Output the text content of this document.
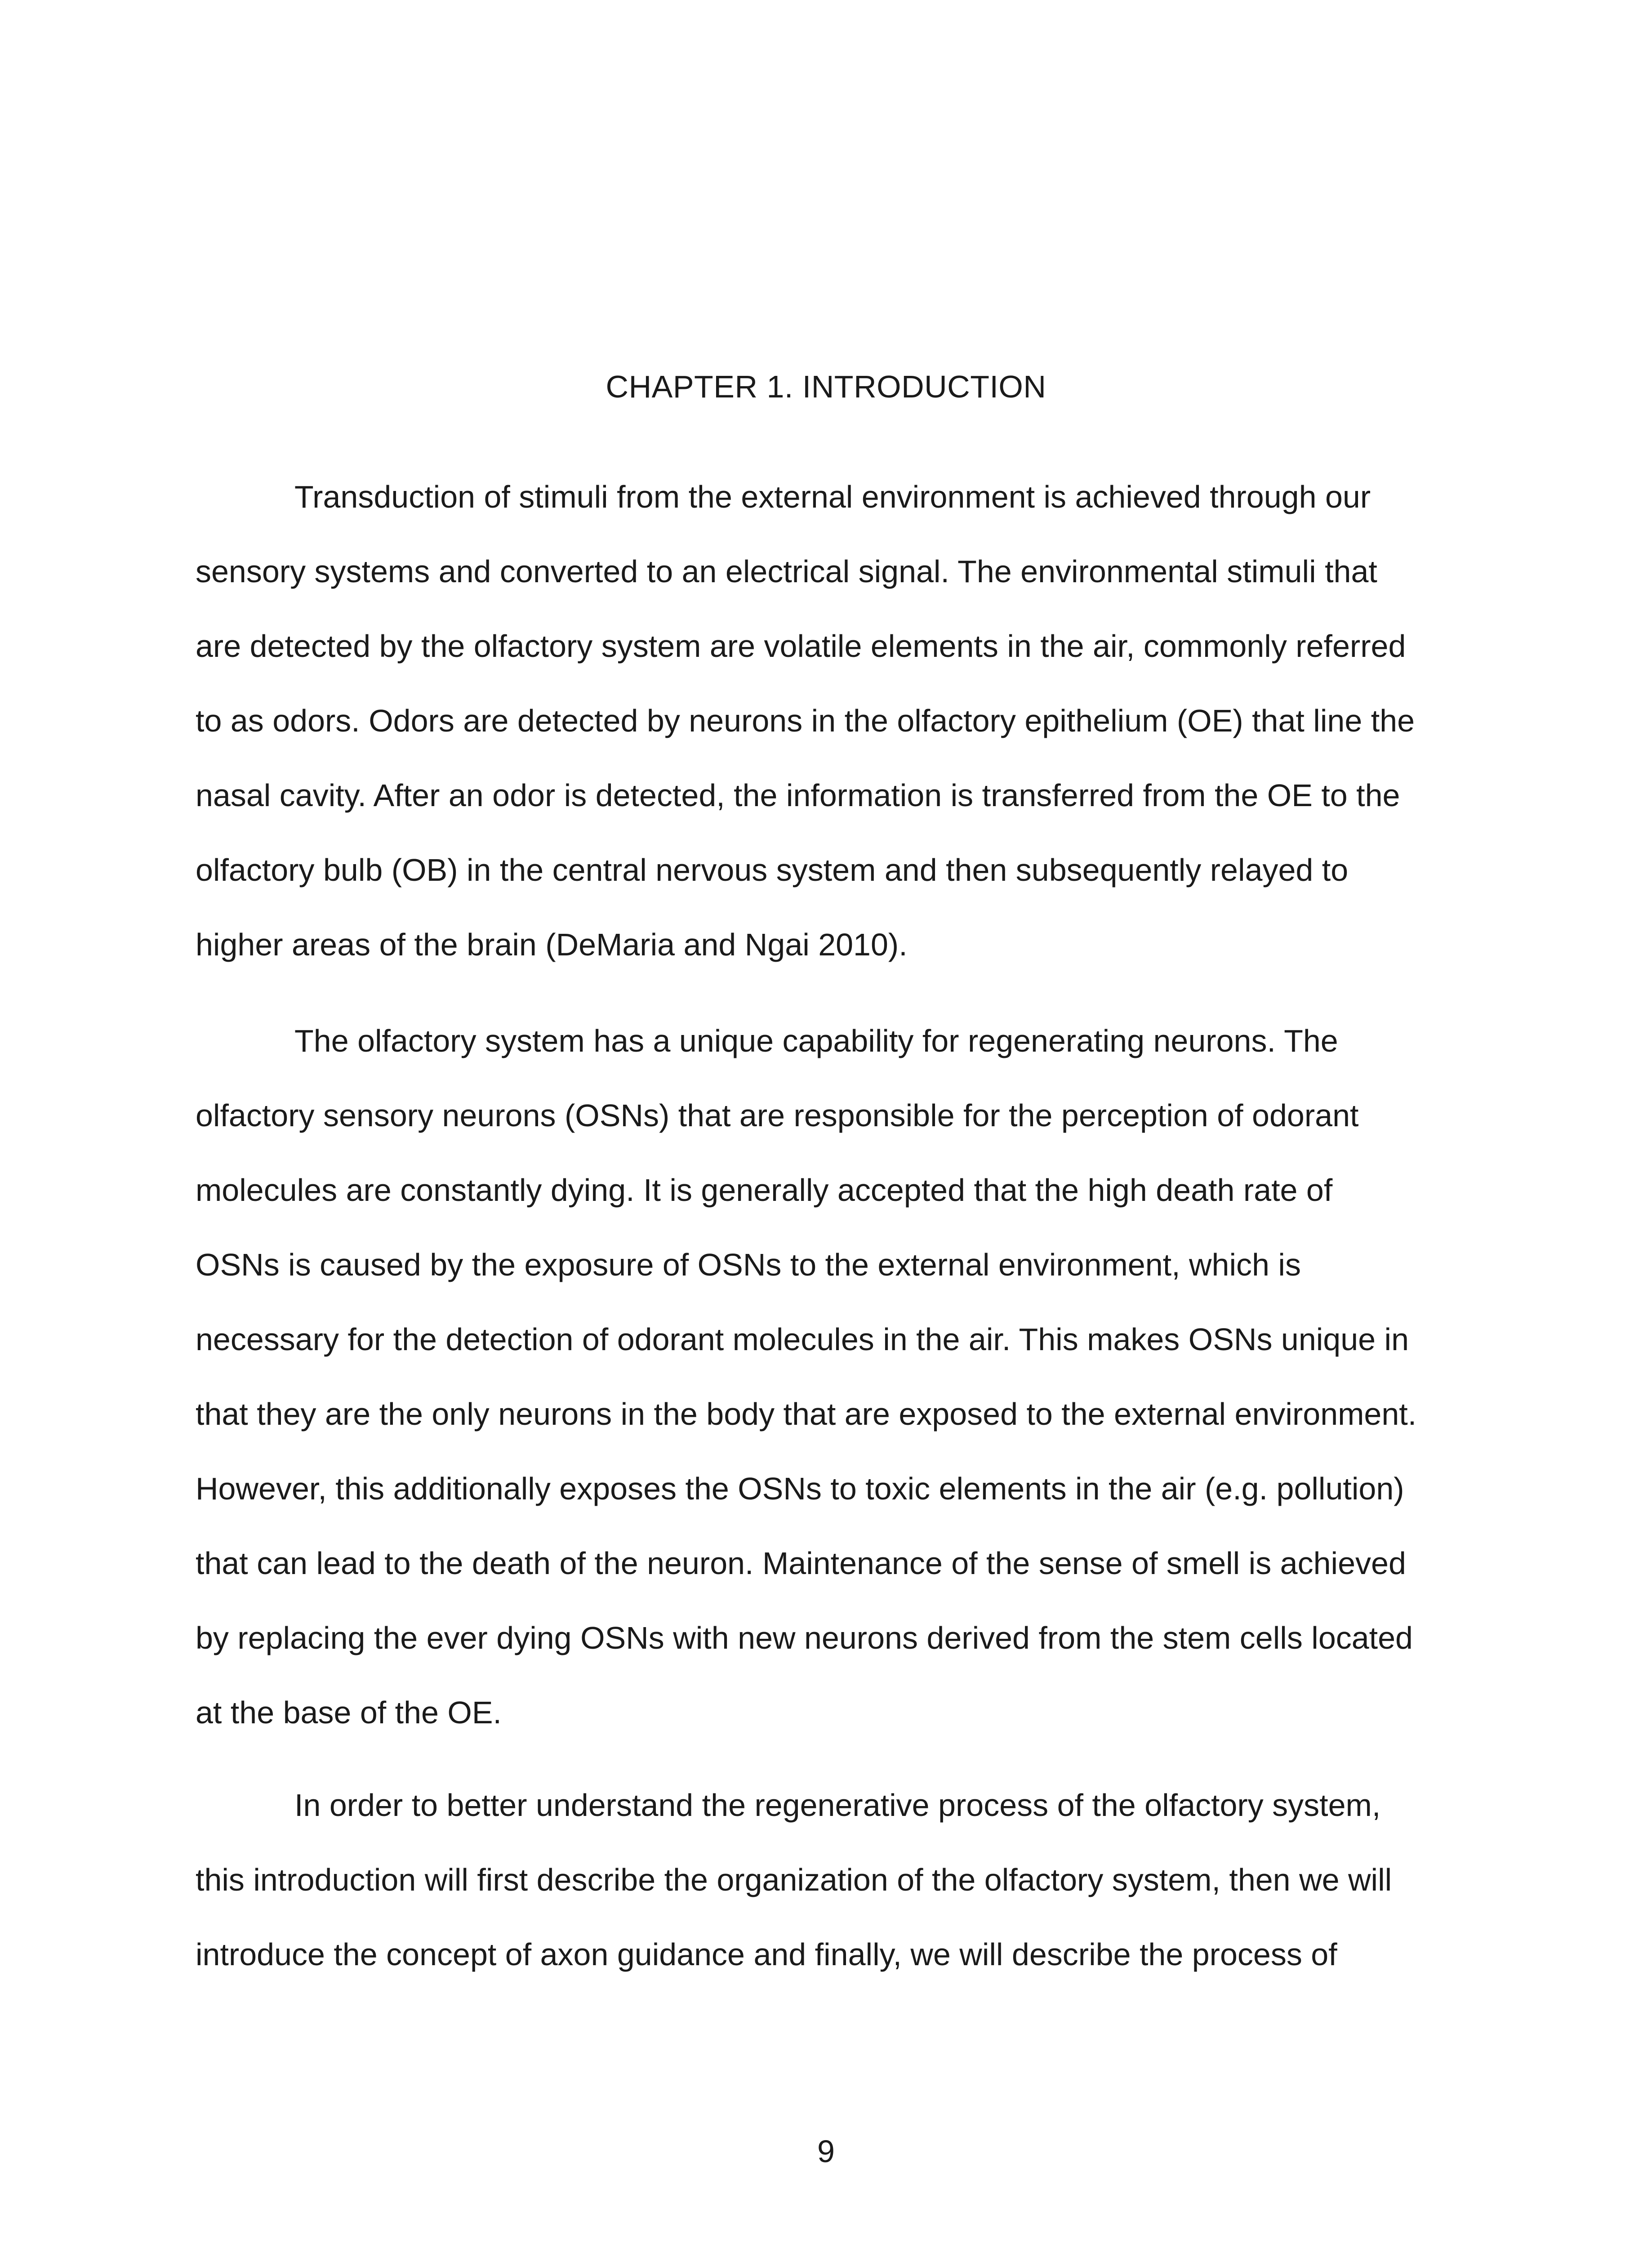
CHAPTER 1. INTRODUCTION

Transduction of stimuli from the external environment is achieved through our
sensory systems and converted to an electrical signal. The environmental stimuli that
are detected by the olfactory system are volatile elements in the air, commonly referred
to as odors. Odors are detected by neurons in the olfactory epithelium (OE) that line the
nasal cavity. After an odor is detected, the information is transferred from the OE to the
olfactory bulb (OB) in the central nervous system and then subsequently relayed to
higher areas of the brain (DeMaria and Ngai 2010).

The olfactory system has a unique capability for regenerating neurons. The
olfactory sensory neurons (OSNs) that are responsible for the perception of odorant
molecules are constantly dying. It is generally accepted that the high death rate of
OSNs is caused by the exposure of OSNs to the external environment, which is
necessary for the detection of odorant molecules in the air. This makes OSNs unique in
that they are the only neurons in the body that are exposed to the external environment.
However, this additionally exposes the OSNs to toxic elements in the air (e.g. pollution)
that can lead to the death of the neuron. Maintenance of the sense of smell is achieved
by replacing the ever dying OSNs with new neurons derived from the stem cells located
at the base of the OE.

In order to better understand the regenerative process of the olfactory system,
this introduction will first describe the organization of the olfactory system, then we will
introduce the concept of axon guidance and finally, we will describe the process of

9
